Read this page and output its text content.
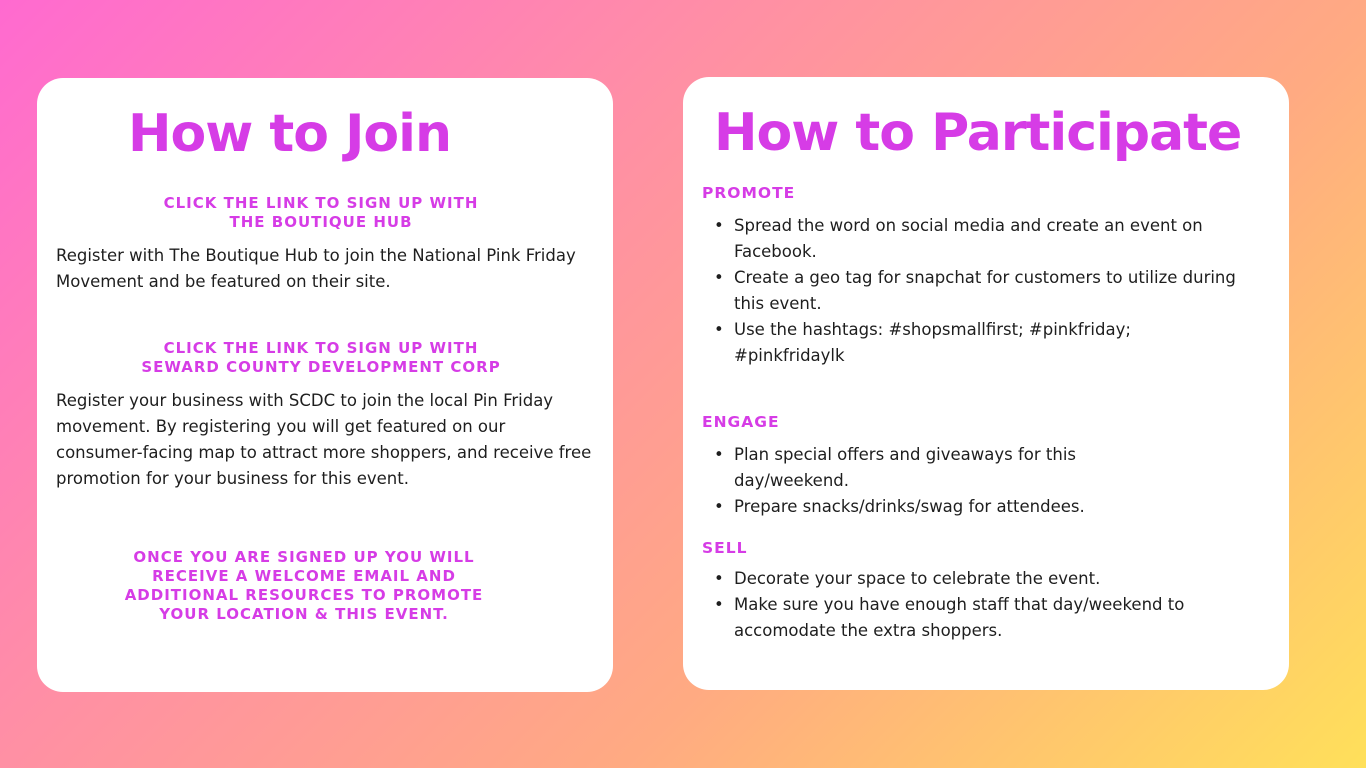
How to Join
CLICK THE LINK TO SIGN UP WITH
THE BOUTIQUE HUB

Register with The Boutique Hub to join the National Pink Friday Movement and be featured on their site.

CLICK THE LINK TO SIGN UP WITH
SEWARD COUNTY DEVELOPMENT CORP

Register your business with SCDC to join the local Pin Friday movement. By registering you will get featured on our consumer-facing map to attract more shoppers, and receive free promotion for your business for this event.

ONCE YOU ARE SIGNED UP YOU WILL
RECEIVE A WELCOME EMAIL AND
ADDITIONAL RESOURCES TO PROMOTE
YOUR LOCATION & THIS EVENT.
How to Participate
PROMOTE
• Spread the word on social media and create an event on Facebook.
• Create a geo tag for snapchat for customers to utilize during this event.
• Use the hashtags: #shopsmallfirst; #pinkfriday; #pinkfridaylk
ENGAGE
• Plan special offers and giveaways for this day/weekend.
• Prepare snacks/drinks/swag for attendees.
SELL
• Decorate your space to celebrate the event.
• Make sure you have enough staff that day/weekend to accomodate the extra shoppers.
